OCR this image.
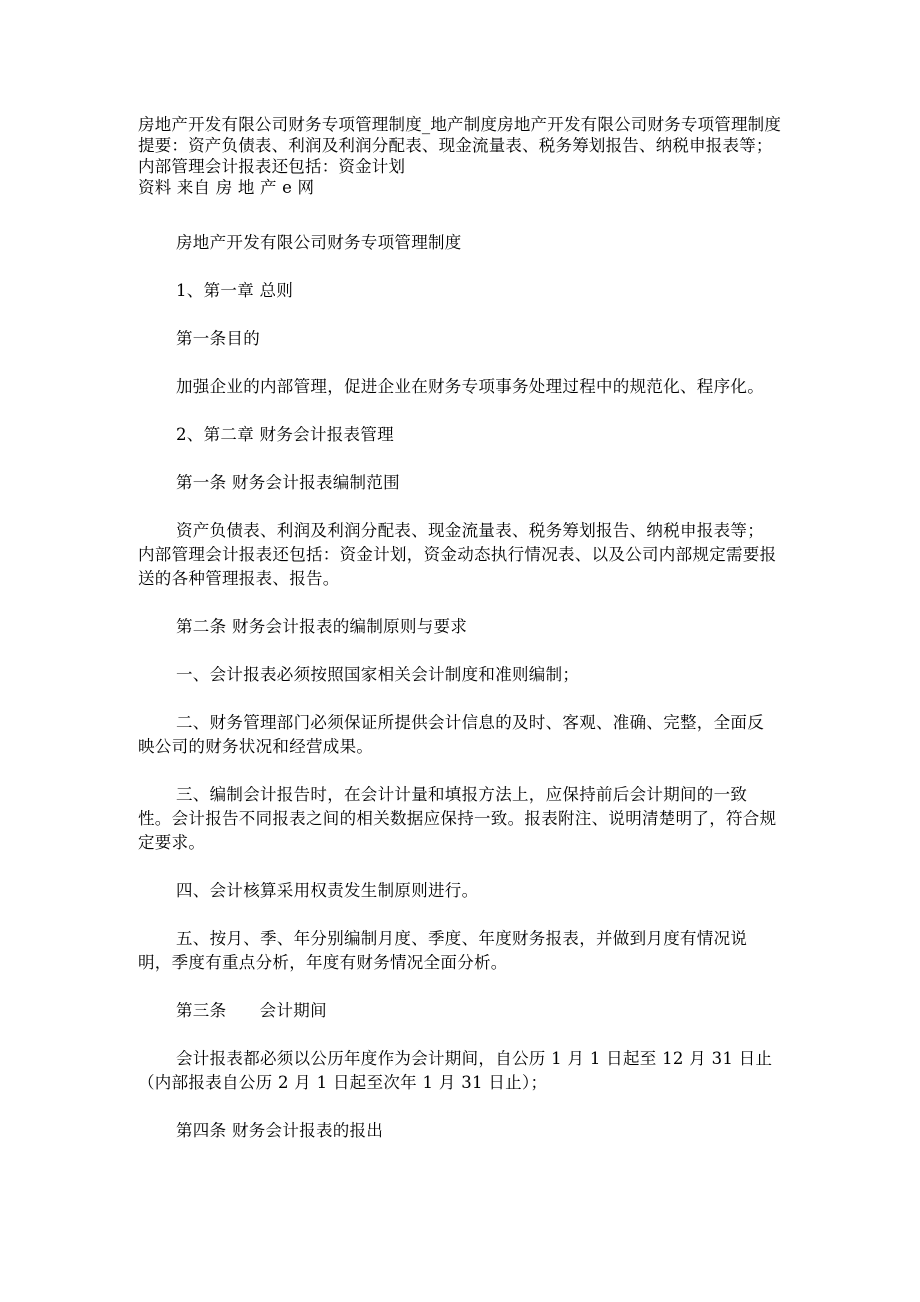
房地产开发有限公司财务专项管理制度_地产制度房地产开发有限公司财务专项管理制度提要：资产负债表、利润及利润分配表、现金流量表、税务筹划报告、纳税申报表等；内部管理会计报表还包括：资金计划

资料 来自 房 地 产 e 网

房地产开发有限公司财务专项管理制度

1、第一章 总则

第一条目的

加强企业的内部管理，促进企业在财务专项事务处理过程中的规范化、程序化。

2、第二章 财务会计报表管理

第一条 财务会计报表编制范围

资产负债表、利润及利润分配表、现金流量表、税务筹划报告、纳税申报表等；内部管理会计报表还包括：资金计划，资金动态执行情况表、以及公司内部规定需要报送的各种管理报表、报告。

第二条 财务会计报表的编制原则与要求

一、会计报表必须按照国家相关会计制度和准则编制；

二、财务管理部门必须保证所提供会计信息的及时、客观、准确、完整，全面反映公司的财务状况和经营成果。

三、编制会计报告时，在会计计量和填报方法上，应保持前后会计期间的一致性。会计报告不同报表之间的相关数据应保持一致。报表附注、说明清楚明了，符合规定要求。

四、会计核算采用权责发生制原则进行。

五、按月、季、年分别编制月度、季度、年度财务报表，并做到月度有情况说明，季度有重点分析，年度有财务情况全面分析。

第三条      会计期间

会计报表都必须以公历年度作为会计期间，自公历 1 月 1 日起至 12 月 31 日止（内部报表自公历 2 月 1 日起至次年 1 月 31 日止）；

第四条 财务会计报表的报出
